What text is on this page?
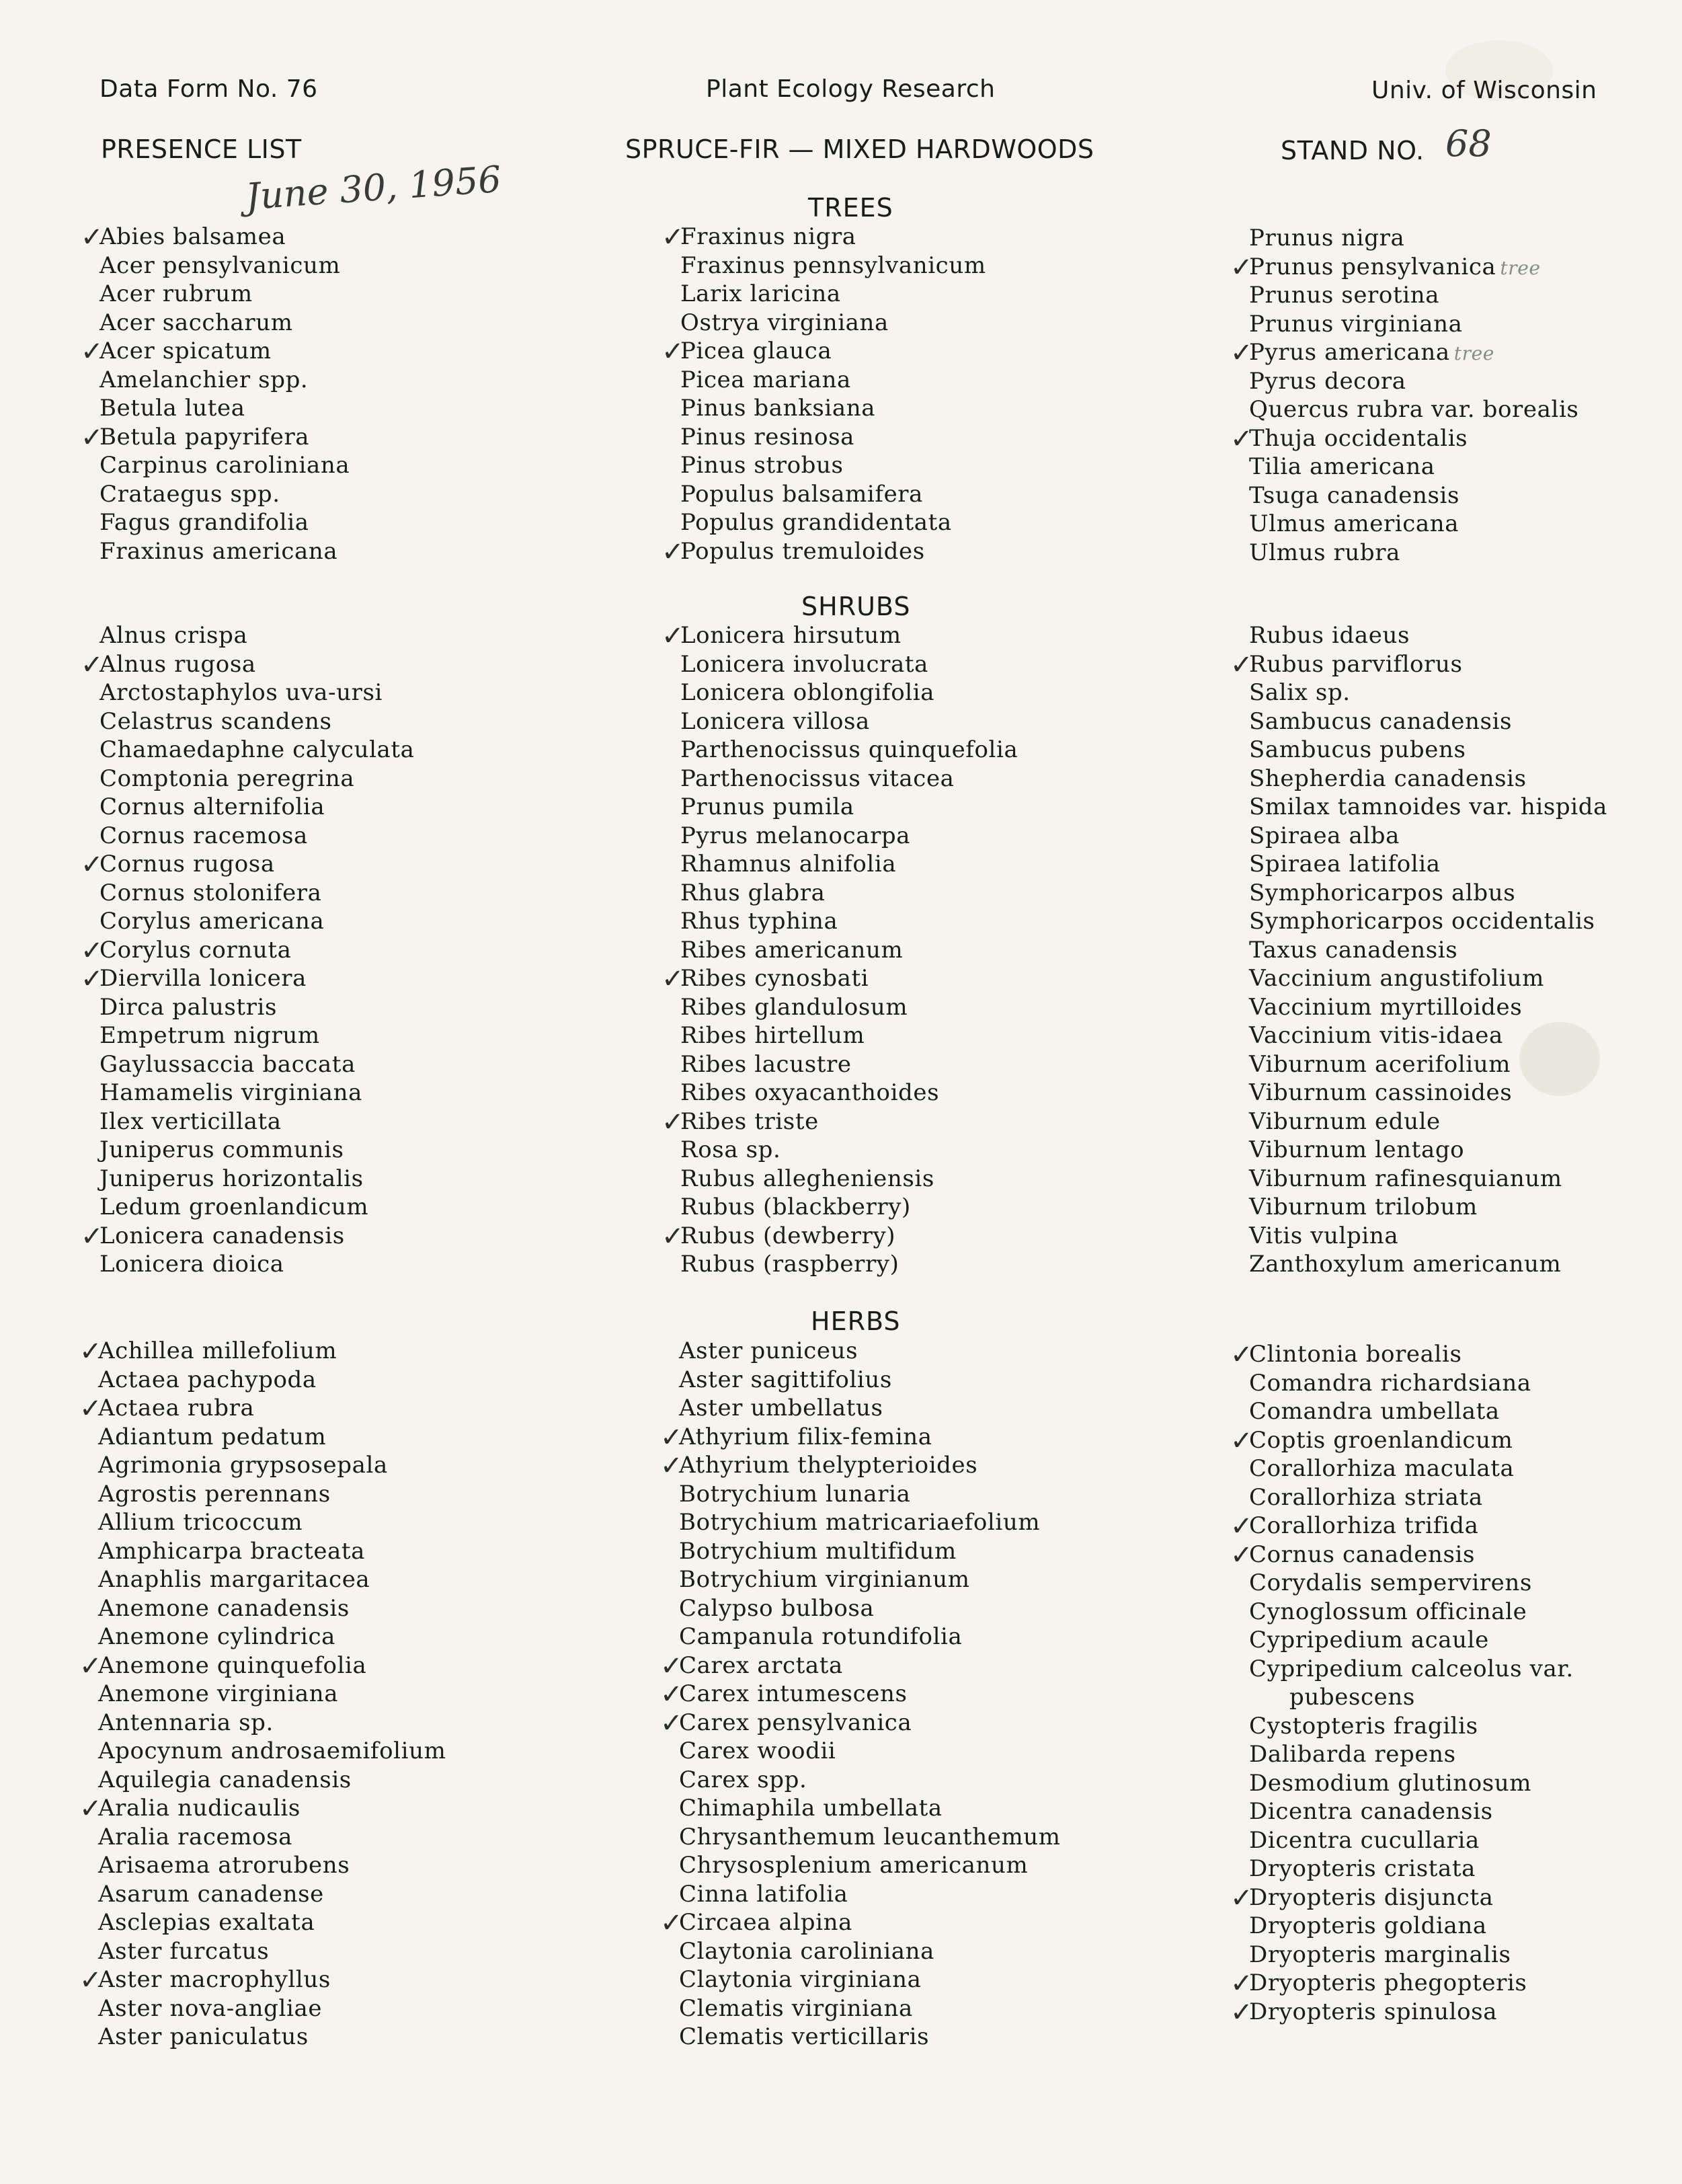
Data Form No. 76	Plant Ecology Research	Univ. of Wisconsin
PRESENCE LIST	SPRUCE-FIR — MIXED HARDWOODS	STAND NO. 68
June 30, 1956	TREES
SHRUBS
HERBS
✓
Abies balsamea
Acer pensylvanicum
Acer rubrum
Acer saccharum
✓
Acer spicatum
Amelanchier spp.
Betula lutea
✓
Betula papyrifera
Carpinus caroliniana
Crataegus spp.
Fagus grandifolia
Fraxinus americana
✓
Fraxinus nigra
Fraxinus pennsylvanicum
Larix laricina
Ostrya virginiana
✓
Picea glauca
Picea mariana
Pinus banksiana
Pinus resinosa
Pinus strobus
Populus balsamifera
Populus grandidentata
✓
Populus tremuloides
Prunus nigra
✓
Prunus pensylvanica tree
Prunus serotina
Prunus virginiana
✓
Pyrus americana tree
Pyrus decora
Quercus rubra var. borealis
✓
Thuja occidentalis
Tilia americana
Tsuga canadensis
Ulmus americana
Ulmus rubra
Alnus crispa
✓
Alnus rugosa
Arctostaphylos uva-ursi
Celastrus scandens
Chamaedaphne calyculata
Comptonia peregrina
Cornus alternifolia
Cornus racemosa
✓
Cornus rugosa
Cornus stolonifera
Corylus americana
✓
Corylus cornuta
✓
Diervilla lonicera
Dirca palustris
Empetrum nigrum
Gaylussaccia baccata
Hamamelis virginiana
Ilex verticillata
Juniperus communis
Juniperus horizontalis
Ledum groenlandicum
✓
Lonicera canadensis
Lonicera dioica
✓
Lonicera hirsutum
Lonicera involucrata
Lonicera oblongifolia
Lonicera villosa
Parthenocissus quinquefolia
Parthenocissus vitacea
Prunus pumila
Pyrus melanocarpa
Rhamnus alnifolia
Rhus glabra
Rhus typhina
Ribes americanum
✓
Ribes cynosbati
Ribes glandulosum
Ribes hirtellum
Ribes lacustre
Ribes oxyacanthoides
✓
Ribes triste
Rosa sp.
Rubus allegheniensis
Rubus (blackberry)
✓
Rubus (dewberry)
Rubus (raspberry)
Rubus idaeus
✓
Rubus parviflorus
Salix sp.
Sambucus canadensis
Sambucus pubens
Shepherdia canadensis
Smilax tamnoides var. hispida
Spiraea alba
Spiraea latifolia
Symphoricarpos albus
Symphoricarpos occidentalis
Taxus canadensis
Vaccinium angustifolium
Vaccinium myrtilloides
Vaccinium vitis-idaea
Viburnum acerifolium
Viburnum cassinoides
Viburnum edule
Viburnum lentago
Viburnum rafinesquianum
Viburnum trilobum
Vitis vulpina
Zanthoxylum americanum
✓
Achillea millefolium
Actaea pachypoda
✓
Actaea rubra
Adiantum pedatum
Agrimonia grypsosepala
Agrostis perennans
Allium tricoccum
Amphicarpa bracteata
Anaphlis margaritacea
Anemone canadensis
Anemone cylindrica
✓
Anemone quinquefolia
Anemone virginiana
Antennaria sp.
Apocynum androsaemifolium
Aquilegia canadensis
✓
Aralia nudicaulis
Aralia racemosa
Arisaema atrorubens
Asarum canadense
Asclepias exaltata
Aster furcatus
✓
Aster macrophyllus
Aster nova-angliae
Aster paniculatus
Aster puniceus
Aster sagittifolius
Aster umbellatus
✓
Athyrium filix-femina
✓
Athyrium thelypterioides
Botrychium lunaria
Botrychium matricariaefolium
Botrychium multifidum
Botrychium virginianum
Calypso bulbosa
Campanula rotundifolia
✓
Carex arctata
✓
Carex intumescens
✓
Carex pensylvanica
Carex woodii
Carex spp.
Chimaphila umbellata
Chrysanthemum leucanthemum
Chrysosplenium americanum
Cinna latifolia
✓
Circaea alpina
Claytonia caroliniana
Claytonia virginiana
Clematis virginiana
Clematis verticillaris
✓
Clintonia borealis
Comandra richardsiana
Comandra umbellata
✓
Coptis groenlandicum
Corallorhiza maculata
Corallorhiza striata
✓
Corallorhiza trifida
✓
Cornus canadensis
Corydalis sempervirens
Cynoglossum officinale
Cypripedium acaule
Cypripedium calceolus var.
pubescens
Cystopteris fragilis
Dalibarda repens
Desmodium glutinosum
Dicentra canadensis
Dicentra cucullaria
Dryopteris cristata
✓
Dryopteris disjuncta
Dryopteris goldiana
Dryopteris marginalis
✓
Dryopteris phegopteris
✓
Dryopteris spinulosa
